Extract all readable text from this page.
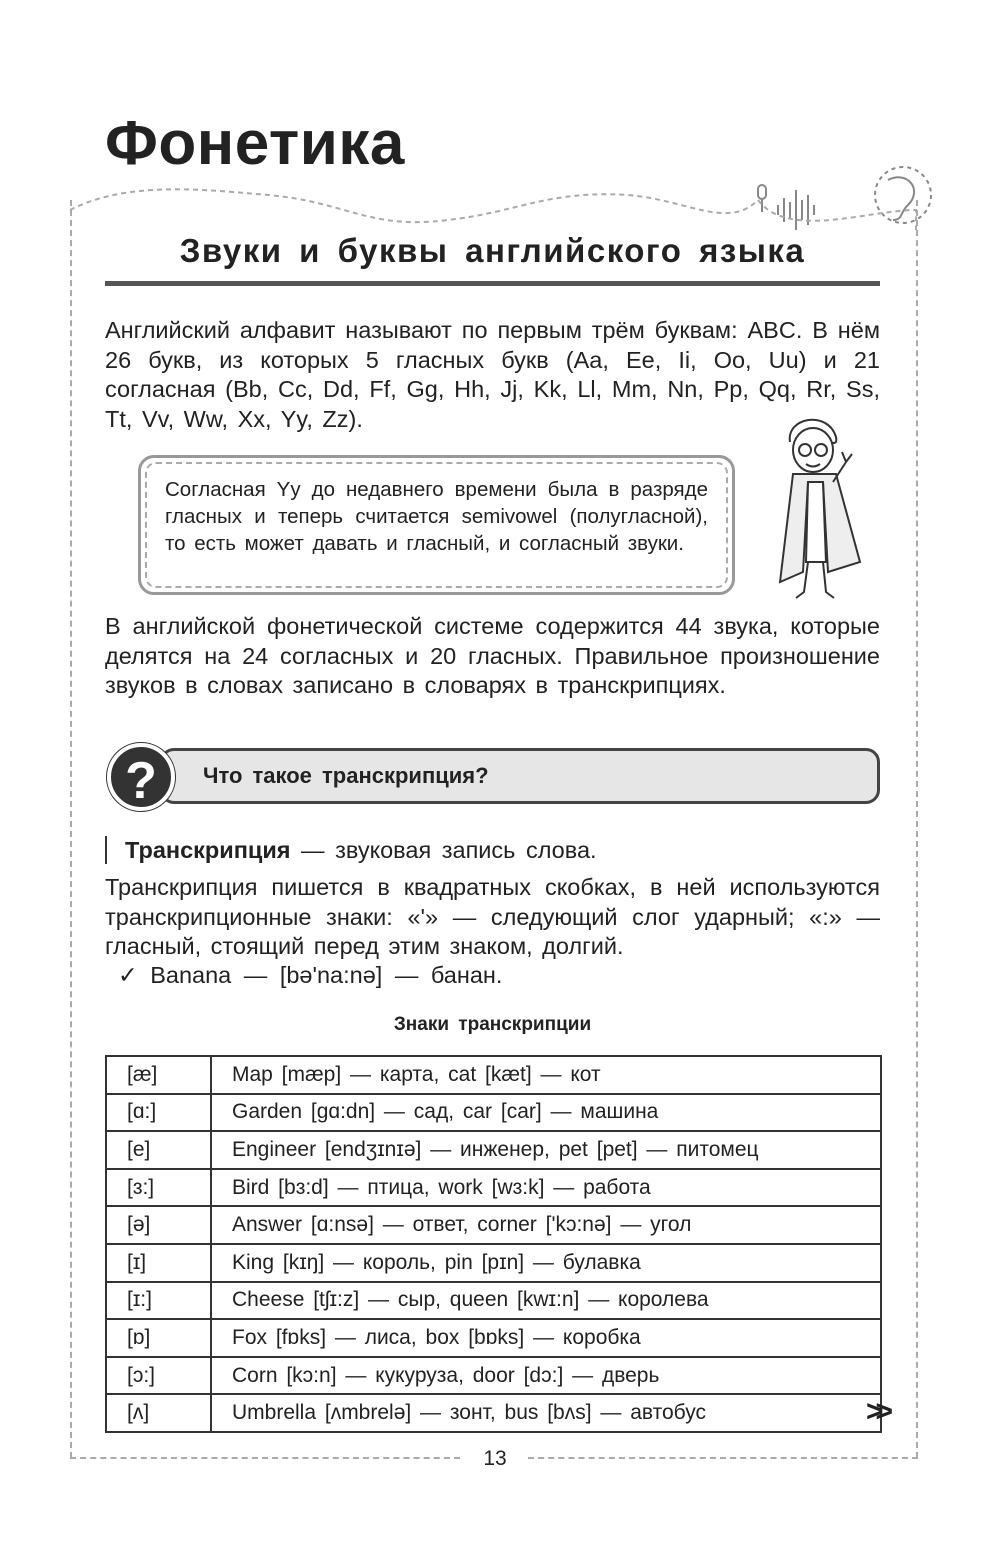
Фонетика
Звуки и буквы английского языка
Английский алфавит называют по первым трём буквам: ABC. В нём 26 букв, из которых 5 гласных букв (Aa, Ee, Ii, Oo, Uu) и 21 согласная (Bb, Cc, Dd, Ff, Gg, Hh, Jj, Kk, Ll, Mm, Nn, Pp, Qq, Rr, Ss, Tt, Vv, Ww, Xx, Yy, Zz).
Согласная Yy до недавнего времени была в разряде гласных и теперь считается semivowel (полугласной), то есть может давать и гласный, и согласный звуки.
В английской фонетической системе содержится 44 звука, которые делятся на 24 согласных и 20 гласных. Правильное произношение звуков в словах записано в словарях в транскрипциях.
?	Что такое транскрипция?
Транскрипция — звуковая запись слова.
Транскрипция пишется в квадратных скобках, в ней используются транскрипционные знаки: «ʹ» — следующий слог ударный; «:» — гласный, стоящий перед этим знаком, долгий.
✓ Banana — [bəʹna:nə] — банан.
Знаки транскрипции
[æ]	Map [mæp] — карта, cat [kæt] — кот
[ɑ:]	Garden [gɑ:dn] — сад, car [car] — машина
[e]	Engineer [endʒɪnɪə] — инженер, pet [pet] — питомец
[ɜ:]	Bird [bɜ:d] — птица, work [wɜ:k] — работа
[ə]	Answer [ɑ:nsə] — ответ, corner [ʹkɔ:nə] — угол
[ɪ]	King [kɪŋ] — король, pin [pɪn] — булавка
[ɪ:]	Cheese [tʃɪ:z] — сыр, queen [kwɪ:n] — королева
[ɒ]	Fox [fɒks] — лиса, box [bɒks] — коробка
[ɔ:]	Corn [kɔ:n] — кукуруза, door [dɔ:] — дверь
[ʌ]	Umbrella [ʌmbrelə] — зонт, bus [bʌs] — автобус	>>
13
